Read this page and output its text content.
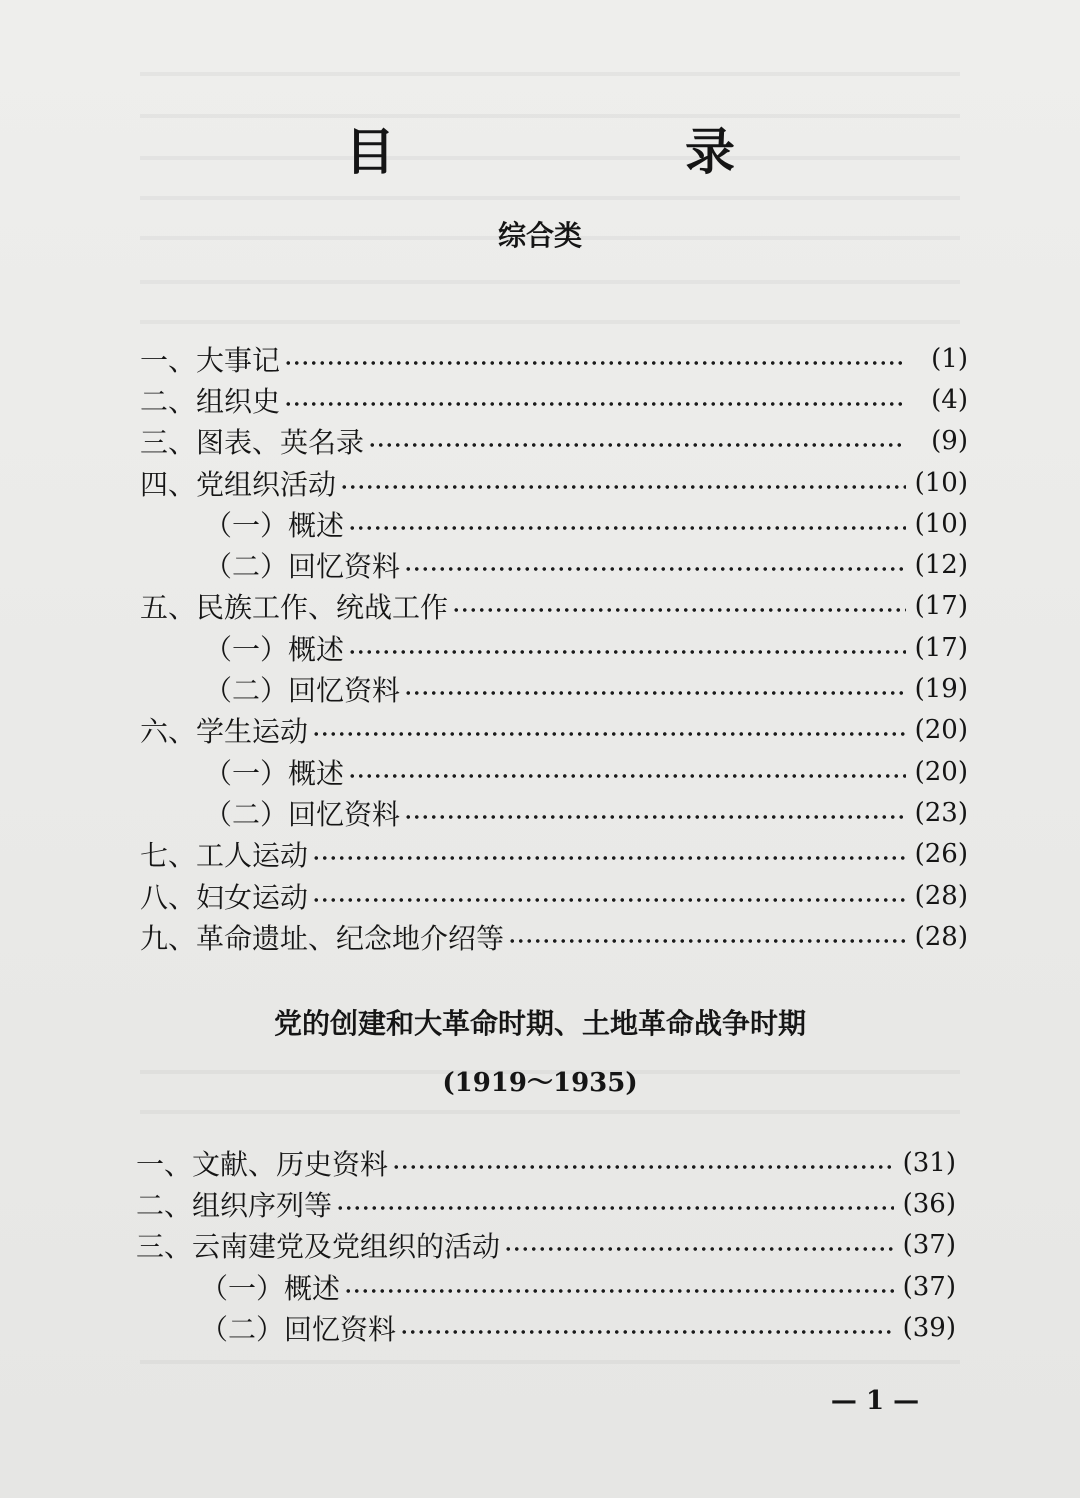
目　录
综合类
一、大事记	(1)
二、组织史	(4)
三、图表、英名录	(9)
四、党组织活动	(10)
（一）概述	(10)
（二）回忆资料	(12)
五、民族工作、统战工作	(17)
（一）概述	(17)
（二）回忆资料	(19)
六、学生运动	(20)
（一）概述	(20)
（二）回忆资料	(23)
七、工人运动	(26)
八、妇女运动	(28)
九、革命遗址、纪念地介绍等	(28)
党的创建和大革命时期、土地革命战争时期
(1919～1935)
一、文献、历史资料	(31)
二、组织序列等	(36)
三、云南建党及党组织的活动	(37)
（一）概述	(37)
（二）回忆资料	(39)
— 1 —
